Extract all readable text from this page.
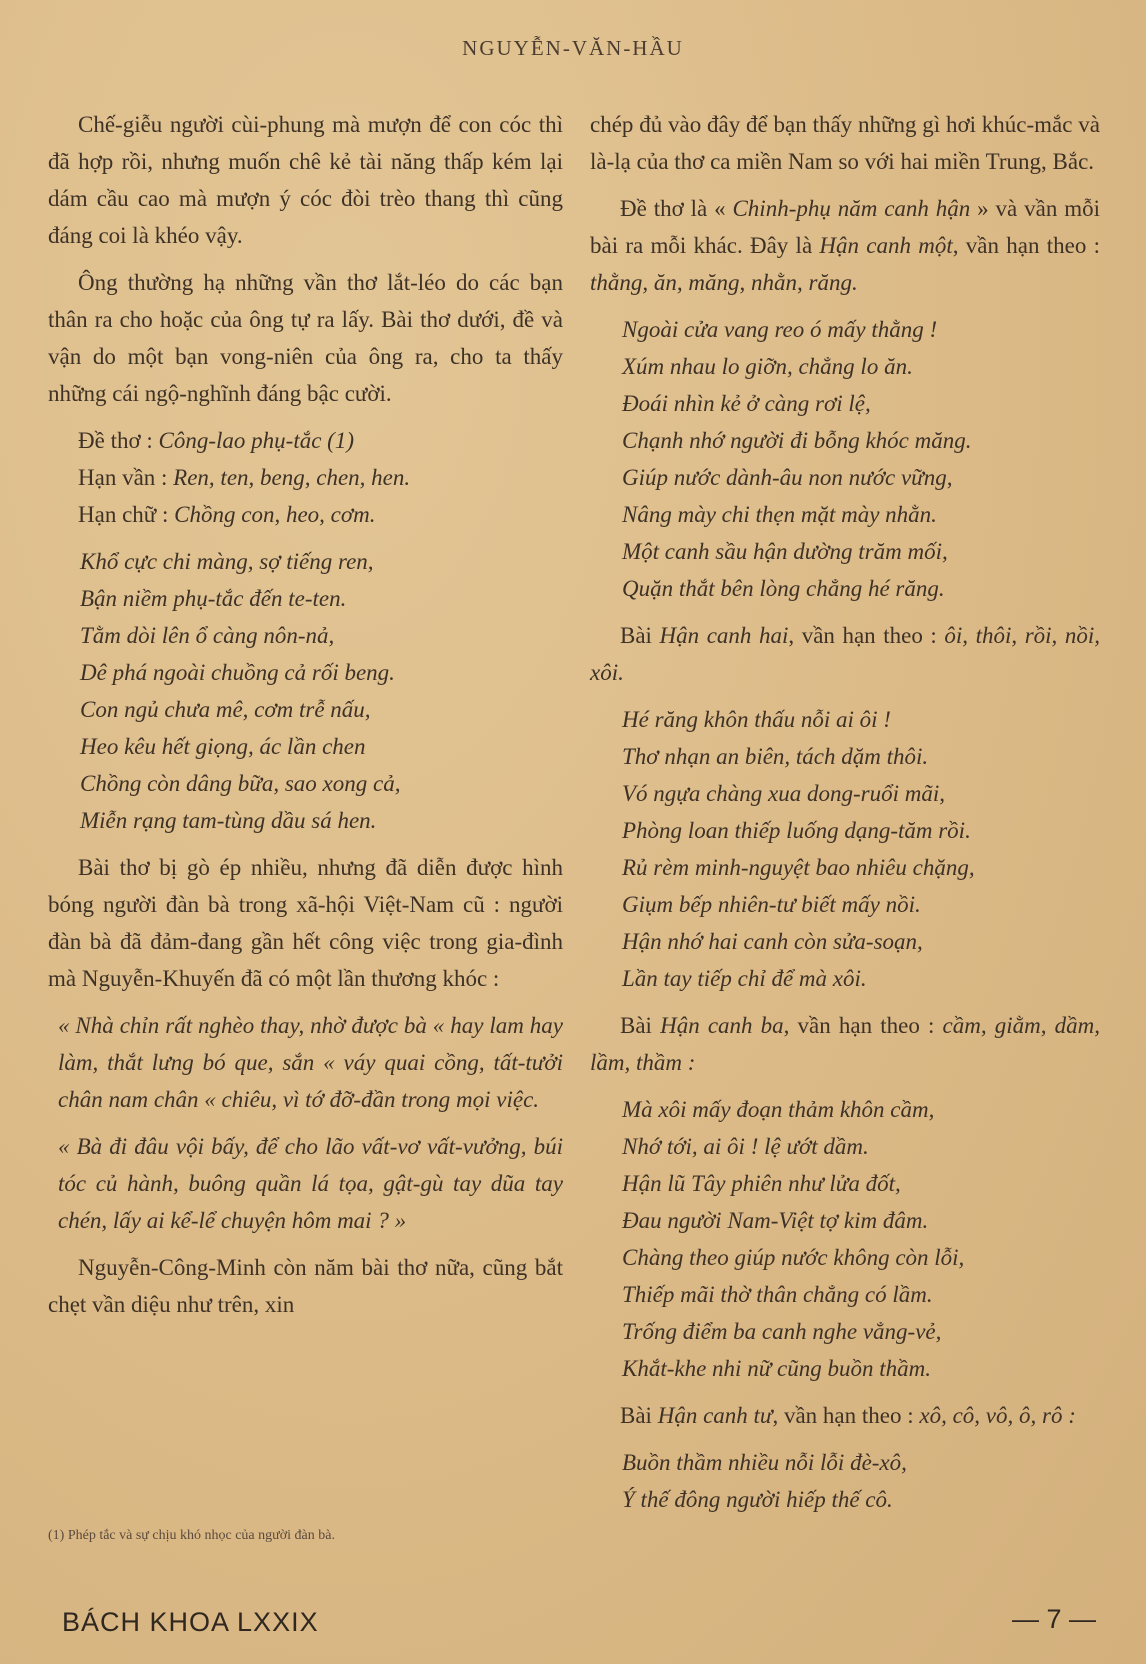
NGUYỄN-VĂN-HẦU

Chế-giễu người cùi-phung mà mượn để con cóc thì đã hợp rồi, nhưng muốn chê kẻ tài năng thấp kém lại dám cầu cao mà mượn ý cóc đòi trèo thang thì cũng đáng coi là khéo vậy.

Ông thường hạ những vần thơ lắt-léo do các bạn thân ra cho hoặc của ông tự ra lấy. Bài thơ dưới, đề và vận do một bạn vong-niên của ông ra, cho ta thấy những cái ngộ-nghĩnh đáng bậc cười.

Đề thơ : Công-lao phụ-tắc (1)
Hạn vần : Ren, ten, beng, chen, hen.
Hạn chữ : Chồng con, heo, cơm.
Khổ cực chi màng, sợ tiếng ren,
Bận niềm phụ-tắc đến te-ten.
Tằm dòi lên ổ càng nôn-nả,
Dê phá ngoài chuồng cả rối beng.
Con ngủ chưa mê, cơm trễ nấu,
Heo kêu hết giọng, ác lần chen
Chồng còn dâng bữa, sao xong cả,
Miễn rạng tam-tùng dầu sá hen.

Bài thơ bị gò ép nhiều, nhưng đã diễn được hình bóng người đàn bà trong xã-hội Việt-Nam cũ : người đàn bà đã đảm-đang gần hết công việc trong gia-đình mà Nguyễn-Khuyến đã có một lần thương khóc :

« Nhà chỉn rất nghèo thay, nhờ được bà « hay lam hay làm, thắt lưng bó que, sắn « váy quai cồng, tất-tưởi chân nam chân « chiêu, vì tớ đỡ-đần trong mọi việc.

« Bà đi đâu vội bấy, để cho lão vất-vơ vất-vưởng, búi tóc củ hành, buông quần lá tọa, gật-gù tay dũa tay chén, lấy ai kể-lể chuyện hôm mai ? »

Nguyễn-Công-Minh còn năm bài thơ nữa, cũng bắt chẹt vần diệu như trên, xin

(1) Phép tắc và sự chịu khó nhọc của người đàn bà.

chép đủ vào đây để bạn thấy những gì hơi khúc-mắc và là-lạ của thơ ca miền Nam so với hai miền Trung, Bắc.

Đề thơ là « Chinh-phụ năm canh hận » và vần mỗi bài ra mỗi khác. Đây là Hận canh một, vần hạn theo : thằng, ăn, măng, nhằn, răng.

Ngoài cửa vang reo ó mấy thằng !
Xúm nhau lo giỡn, chẳng lo ăn.
Đoái nhìn kẻ ở càng rơi lệ,
Chạnh nhớ người đi bỗng khóc măng.
Giúp nước dành-âu non nước vững,
Nâng mày chi thẹn mặt mày nhằn.
Một canh sầu hận dường trăm mối,
Quặn thắt bên lòng chẳng hé răng.

Bài Hận canh hai, vần hạn theo : ôi, thôi, rồi, nồi, xôi.

Hé răng khôn thấu nỗi ai ôi !
Thơ nhạn an biên, tách dặm thôi.
Vó ngựa chàng xua dong-ruổi mãi,
Phòng loan thiếp luống dạng-tăm rồi.
Rủ rèm minh-nguyệt bao nhiêu chặng,
Giụm bếp nhiên-tư biết mấy nồi.
Hận nhớ hai canh còn sửa-soạn,
Lần tay tiếp chỉ để mà xôi.

Bài Hận canh ba, vần hạn theo : cầm, giằm, dầm, lầm, thầm :

Mà xôi mấy đoạn thảm khôn cầm,
Nhớ tới, ai ôi ! lệ ướt dầm.
Hận lũ Tây phiên như lửa đốt,
Đau người Nam-Việt tợ kim đâm.
Chàng theo giúp nước không còn lỗi,
Thiếp mãi thờ thân chẳng có lầm.
Trống điểm ba canh nghe vẳng-vẻ,
Khắt-khe nhi nữ cũng buồn thầm.

Bài Hận canh tư, vần hạn theo : xô, cô, vô, ô, rô :

Buồn thầm nhiều nỗi lỗi đè-xô,
Ý thế đông người hiếp thế cô.
BÁCH KHOA LXXIX	— 7 —
